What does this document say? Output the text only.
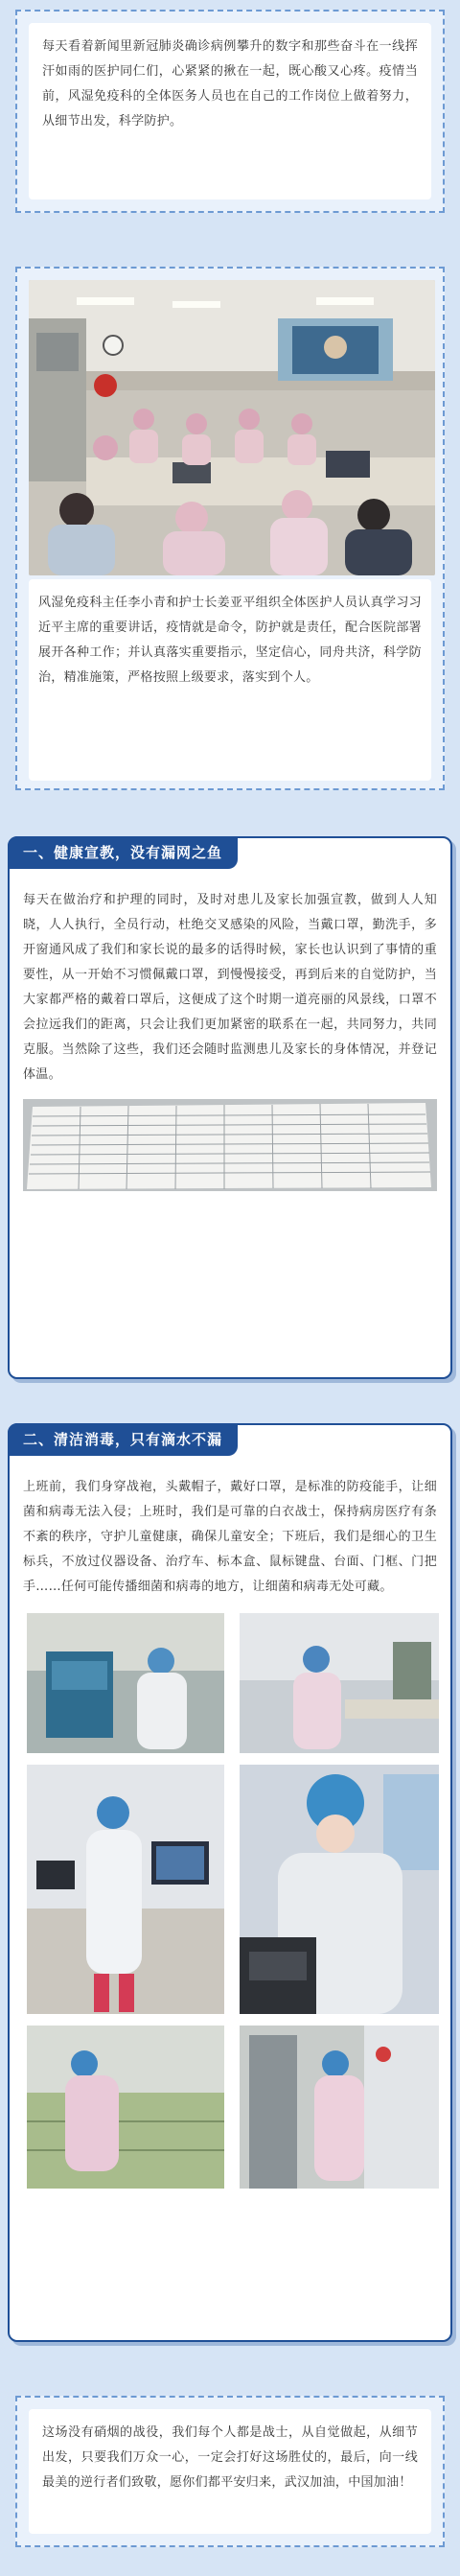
每天看着新闻里新冠肺炎确诊病例攀升的数字和那些奋斗在一线挥汗如雨的医护同仁们，心紧紧的揪在一起，既心酸又心疼。疫情当前，风湿免疫科的全体医务人员也在自己的工作岗位上做着努力，从细节出发，科学防护。

风湿免疫科主任李小青和护士长姜亚平组织全体医护人员认真学习习近平主席的重要讲话，疫情就是命令，防护就是责任，配合医院部署展开各种工作；并认真落实重要指示，坚定信心，同舟共济，科学防治，精准施策，严格按照上级要求，落实到个人。

一、健康宣教，没有漏网之鱼

每天在做治疗和护理的同时，及时对患儿及家长加强宣教，做到人人知晓，人人执行，全员行动，杜绝交叉感染的风险，当戴口罩，勤洗手，多开窗通风成了我们和家长说的最多的话得时候，家长也认识到了事情的重要性，从一开始不习惯佩戴口罩，到慢慢接受，再到后来的自觉防护，当大家都严格的戴着口罩后，这便成了这个时期一道亮丽的风景线，口罩不会拉远我们的距离，只会让我们更加紧密的联系在一起，共同努力，共同克服。当然除了这些，我们还会随时监测患儿及家长的身体情况，并登记体温。

二、清洁消毒，只有滴水不漏

上班前，我们身穿战袍，头戴帽子，戴好口罩，是标准的防疫能手，让细菌和病毒无法入侵；上班时，我们是可靠的白衣战士，保持病房医疗有条不紊的秩序，守护儿童健康，确保儿童安全；下班后，我们是细心的卫生标兵，不放过仪器设备、治疗车、标本盒、鼠标键盘、台面、门框、门把手……任何可能传播细菌和病毒的地方，让细菌和病毒无处可藏。

这场没有硝烟的战役，我们每个人都是战士，从自觉做起，从细节出发，只要我们万众一心，一定会打好这场胜仗的，最后，向一线最美的逆行者们致敬，愿你们都平安归来，武汉加油，中国加油！
